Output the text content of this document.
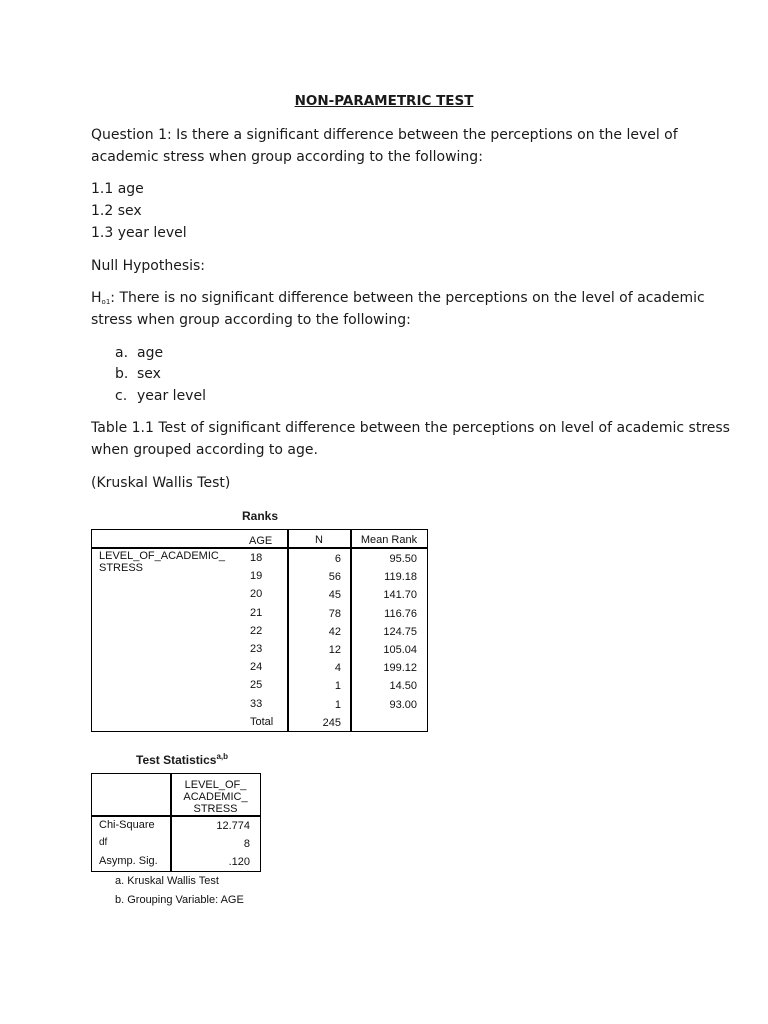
NON-PARAMETRIC TEST
Question 1: Is there a significant difference between the perceptions on the level of
academic stress when group according to the following:
1.1 age
1.2 sex
1.3 year level
Null Hypothesis:
$H_{o1}$: There is no significant difference between the perceptions on the level of academic
stress when group according to the following:
a. age
b. sex
c. year level
Table 1.1 Test of significant difference between the perceptions on level of academic stress
when grouped according to age.
(Kruskal Wallis Test)
Ranks
AGE	N	Mean Rank
LEVEL_OF_ACADEMIC_
STRESS
18	6	95.50
19	56	119.18
20	45	141.70
21	78	116.76
22	42	124.75
23	12	105.04
24	4	199.12
25	1	14.50
33	1	93.00
Total	245
Test Statistics$^{a,b}$
LEVEL_OF_
ACADEMIC_
STRESS
Chi-Square	12.774
df	8
Asymp. Sig.	.120
a. Kruskal Wallis Test
b. Grouping Variable: AGE
